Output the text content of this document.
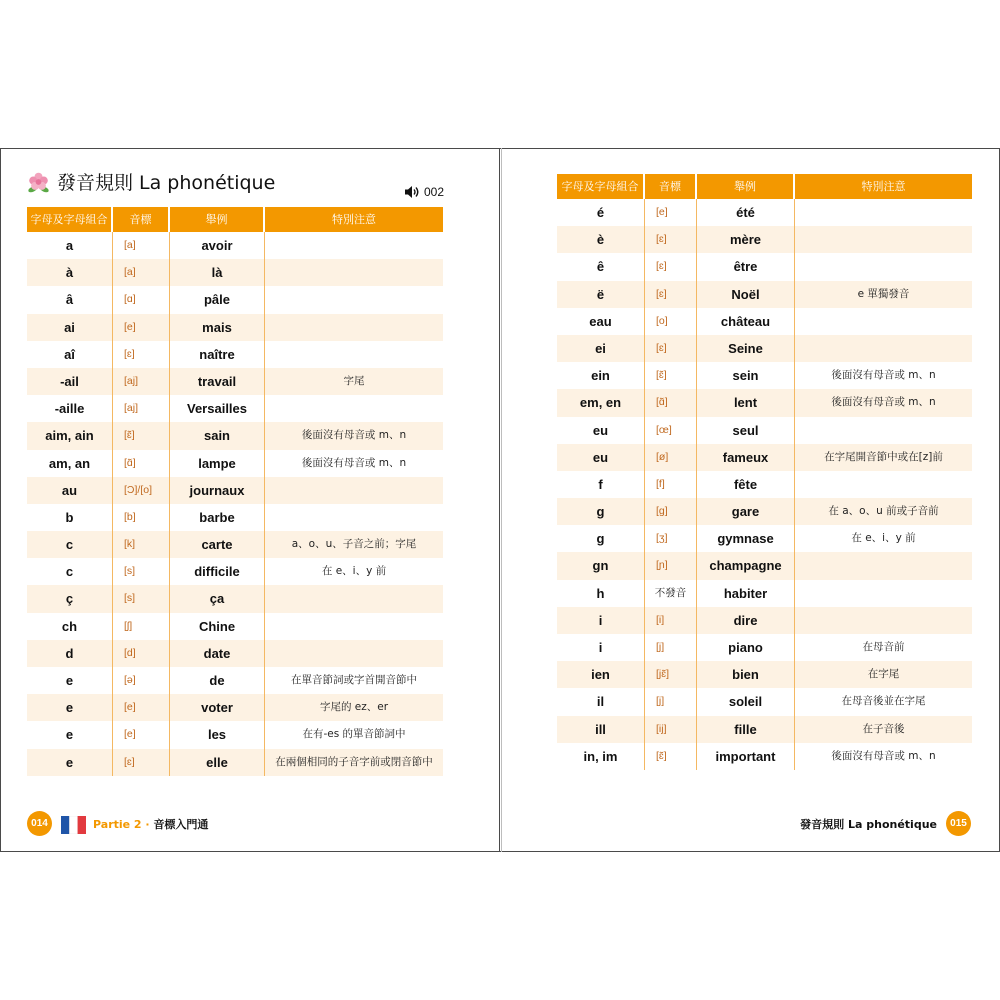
發音規則 La phonétique	002
字母及字母組合	音標	舉例	特別注意
a	[a]	avoir
à	[a]	là
â	[ɑ]	pâle
ai	[e]	mais
aî	[ɛ]	naître
-ail	[aj]	travail	字尾
-aille	[aj]	Versailles
aim, ain	[ɛ̃]	sain	後面沒有母音或 m、n
am, an	[ɑ̃]	lampe	後面沒有母音或 m、n
au	[Ɔ]/[o]	journaux
b	[b]	barbe
c	[k]	carte	a、o、u、子音之前；字尾
c	[s]	difficile	在 e、i、y 前
ç	[s]	ça
ch	[ʃ]	Chine
d	[d]	date
e	[ə]	de	在單音節詞或字首開音節中
e	[e]	voter	字尾的 ez、er
e	[e]	les	在有-es 的單音節詞中
e	[ɛ]	elle	在兩個相同的子音字前或閉音節中
014	Partie 2 · 音標入門通
字母及字母組合	音標	舉例	特別注意
é	[e]	été
è	[ɛ]	mère
ê	[ɛ]	être
ë	[ɛ]	Noël	e 單獨發音
eau	[o]	château
ei	[ɛ]	Seine
ein	[ɛ̃]	sein	後面沒有母音或 m、n
em, en	[ɑ̃]	lent	後面沒有母音或 m、n
eu	[œ]	seul
eu	[ø]	fameux	在字尾開音節中或在[z]前
f	[f]	fête
g	[g]	gare	在 a、o、u 前或子音前
g	[ʒ]	gymnase	在 e、i、y 前
gn	[ɲ]	champagne
h	不發音	habiter
i	[i]	dire
i	[j]	piano	在母音前
ien	[jɛ̃]	bien	在字尾
il	[j]	soleil	在母音後並在字尾
ill	[ij]	fille	在子音後
in, im	[ɛ̃]	important	後面沒有母音或 m、n
發音規則 La phonétique	015
